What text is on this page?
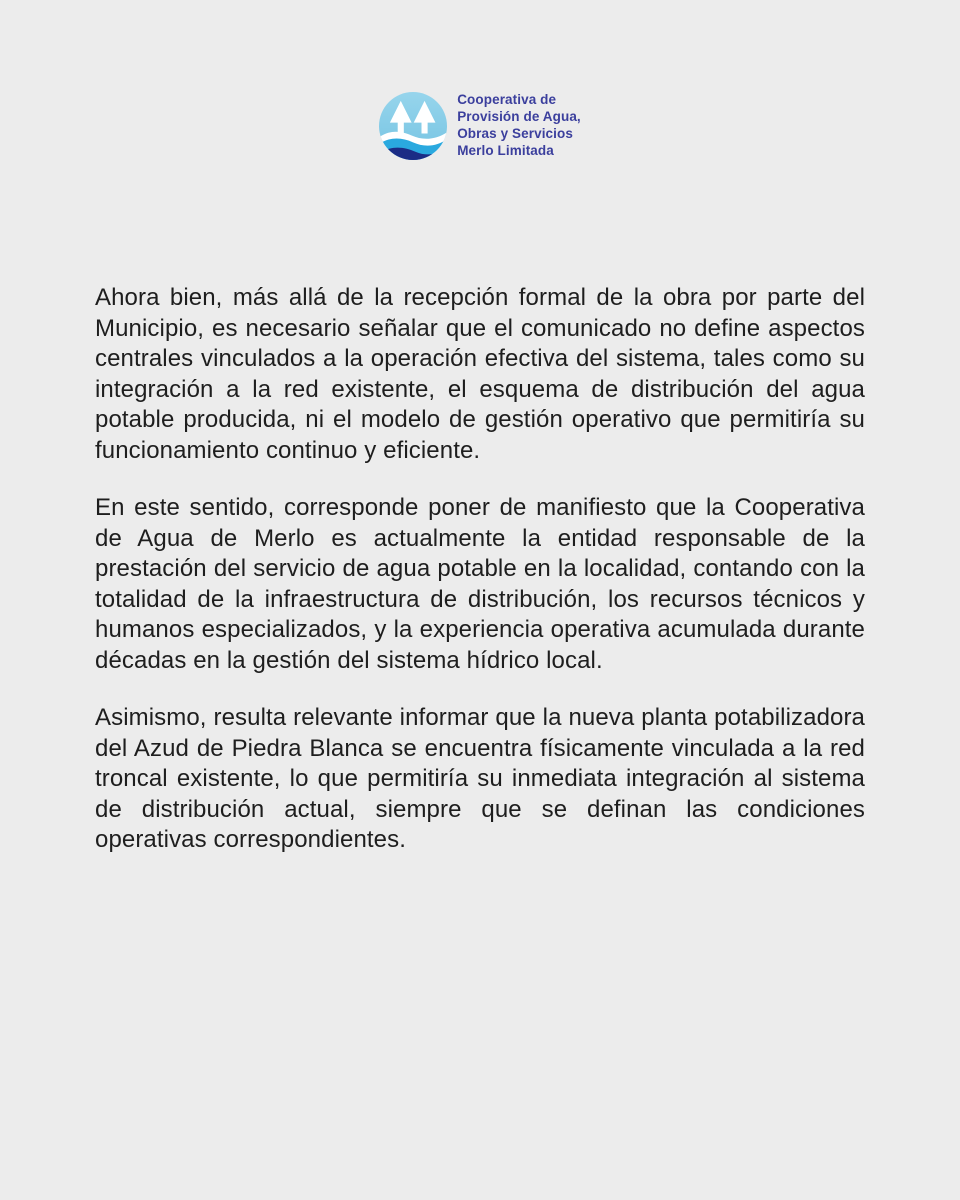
Cooperativa de
Provisión de Agua,
Obras y Servicios
Merlo Limitada

Ahora bien, más allá de la recepción formal de la obra por parte del Municipio, es necesario señalar que el comunicado no define aspectos centrales vinculados a la operación efectiva del sistema, tales como su integración a la red existente, el esquema de distribución del agua potable producida, ni el modelo de gestión operativo que permitiría su funcionamiento continuo y eficiente.

En este sentido, corresponde poner de manifiesto que la Cooperativa de Agua de Merlo es actualmente la entidad responsable de la prestación del servicio de agua potable en la localidad, contando con la totalidad de la infraestructura de distribución, los recursos técnicos y humanos especializados, y la experiencia operativa acumulada durante décadas en la gestión del sistema hídrico local.

Asimismo, resulta relevante informar que la nueva planta potabilizadora del Azud de Piedra Blanca se encuentra físicamente vinculada a la red troncal existente, lo que permitiría su inmediata integración al sistema de distribución actual, siempre que se definan las condiciones operativas correspondientes.
